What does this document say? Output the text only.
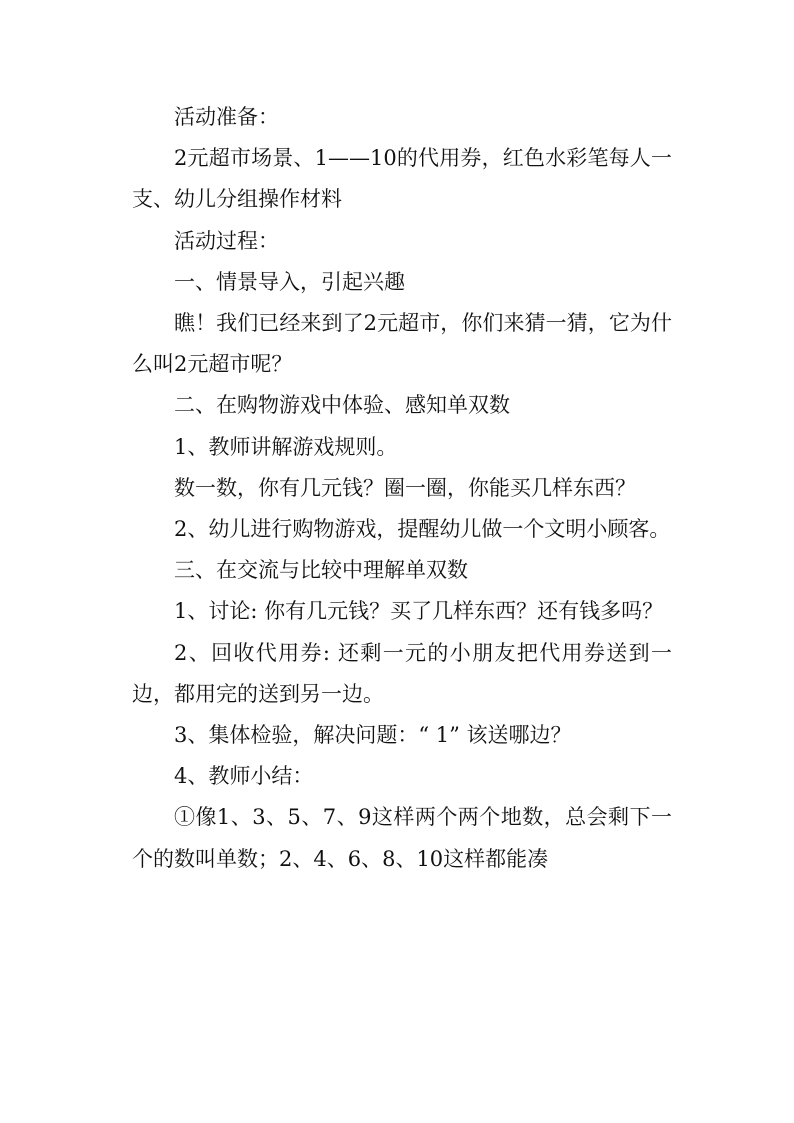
活动准备：

2元超市场景、1——10的代用券，红色水彩笔每人一支、幼儿分组操作材料

活动过程：

一、情景导入，引起兴趣

瞧！我们已经来到了2元超市，你们来猜一猜，它为什么叫2元超市呢？

二、在购物游戏中体验、感知单双数

1、教师讲解游戏规则。

数一数，你有几元钱？圈一圈，你能买几样东西？

2、幼儿进行购物游戏，提醒幼儿做一个文明小顾客。

三、在交流与比较中理解单双数

1、讨论: 你有几元钱？买了几样东西？还有钱多吗？

2、回收代用券: 还剩一元的小朋友把代用券送到一边，都用完的送到另一边。

3、集体检验，解决问题：“ 1” 该送哪边？

4、教师小结：

①像1、3、5、7、9这样两个两个地数，总会剩下一个的数叫单数；2、4、6、8、10这样都能凑
